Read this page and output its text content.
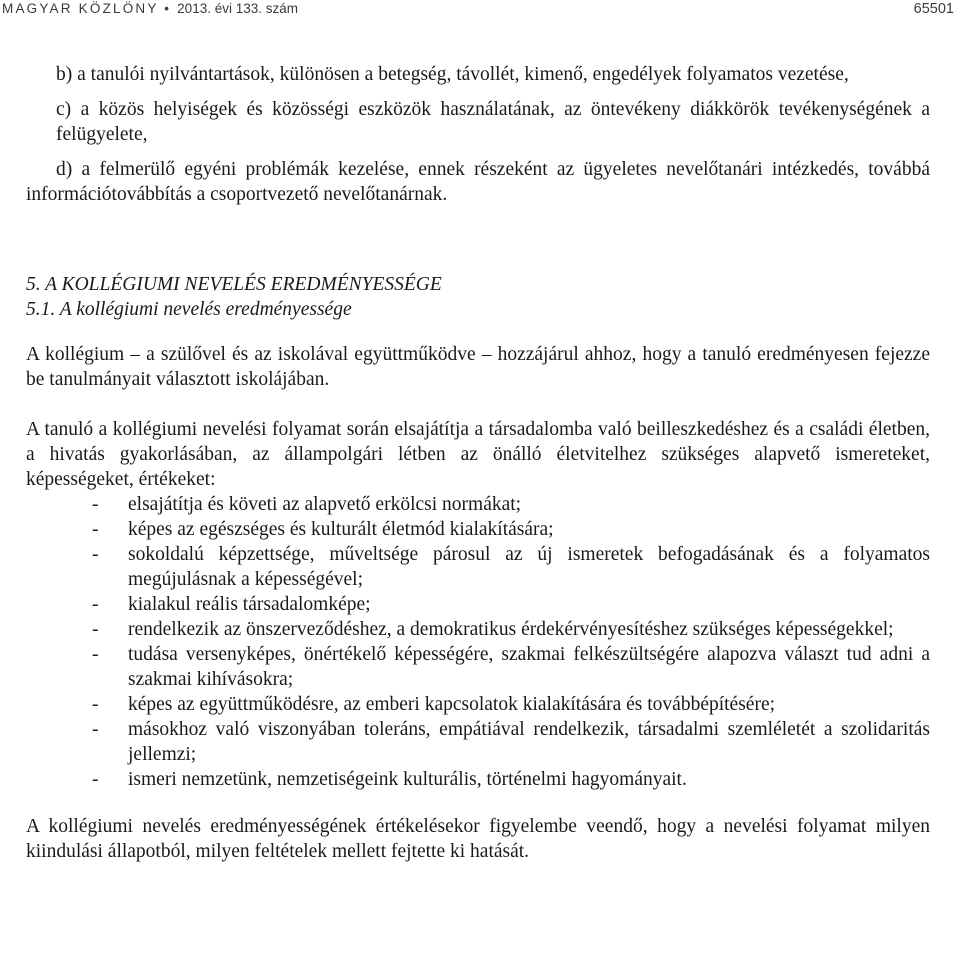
MAGYAR KÖZLÖNY • 2013. évi 133. szám	65501

b) a tanulói nyilvántartások, különösen a betegség, távollét, kimenő, engedélyek folyamatos vezetése,

c) a közös helyiségek és közösségi eszközök használatának, az öntevékeny diákkörök tevékenységének a felügyelete,

d) a felmerülő egyéni problémák kezelése, ennek részeként az ügyeletes nevelőtanári intézkedés, továbbá információtovábbítás a csoportvezető nevelőtanárnak.

5. A KOLLÉGIUMI NEVELÉS EREDMÉNYESSÉGE

5.1. A kollégiumi nevelés eredményessége

A kollégium – a szülővel és az iskolával együttműködve – hozzájárul ahhoz, hogy a tanuló eredményesen fejezze be tanulmányait választott iskolájában.

A tanuló a kollégiumi nevelési folyamat során elsajátítja a társadalomba való beilleszkedéshez és a családi életben, a hivatás gyakorlásában, az állampolgári létben az önálló életvitelhez szükséges alapvető ismereteket, képességeket, értékeket:

- elsajátítja és követi az alapvető erkölcsi normákat;
- képes az egészséges és kulturált életmód kialakítására;
- sokoldalú képzettsége, műveltsége párosul az új ismeretek befogadásának és a folyamatos megújulásnak a képességével;
- kialakul reális társadalomképe;
- rendelkezik az önszerveződéshez, a demokratikus érdekérvényesítéshez szükséges képességekkel;
- tudása versenyképes, önértékelő képességére, szakmai felkészültségére alapozva választ tud adni a szakmai kihívásokra;
- képes az együttműködésre, az emberi kapcsolatok kialakítására és továbbépítésére;
- másokhoz való viszonyában toleráns, empátiával rendelkezik, társadalmi szemléletét a szolidaritás jellemzi;
- ismeri nemzetünk, nemzetiségeink kulturális, történelmi hagyományait.

A kollégiumi nevelés eredményességének értékelésekor figyelembe veendő, hogy a nevelési folyamat milyen kiindulási állapotból, milyen feltételek mellett fejtette ki hatását.
